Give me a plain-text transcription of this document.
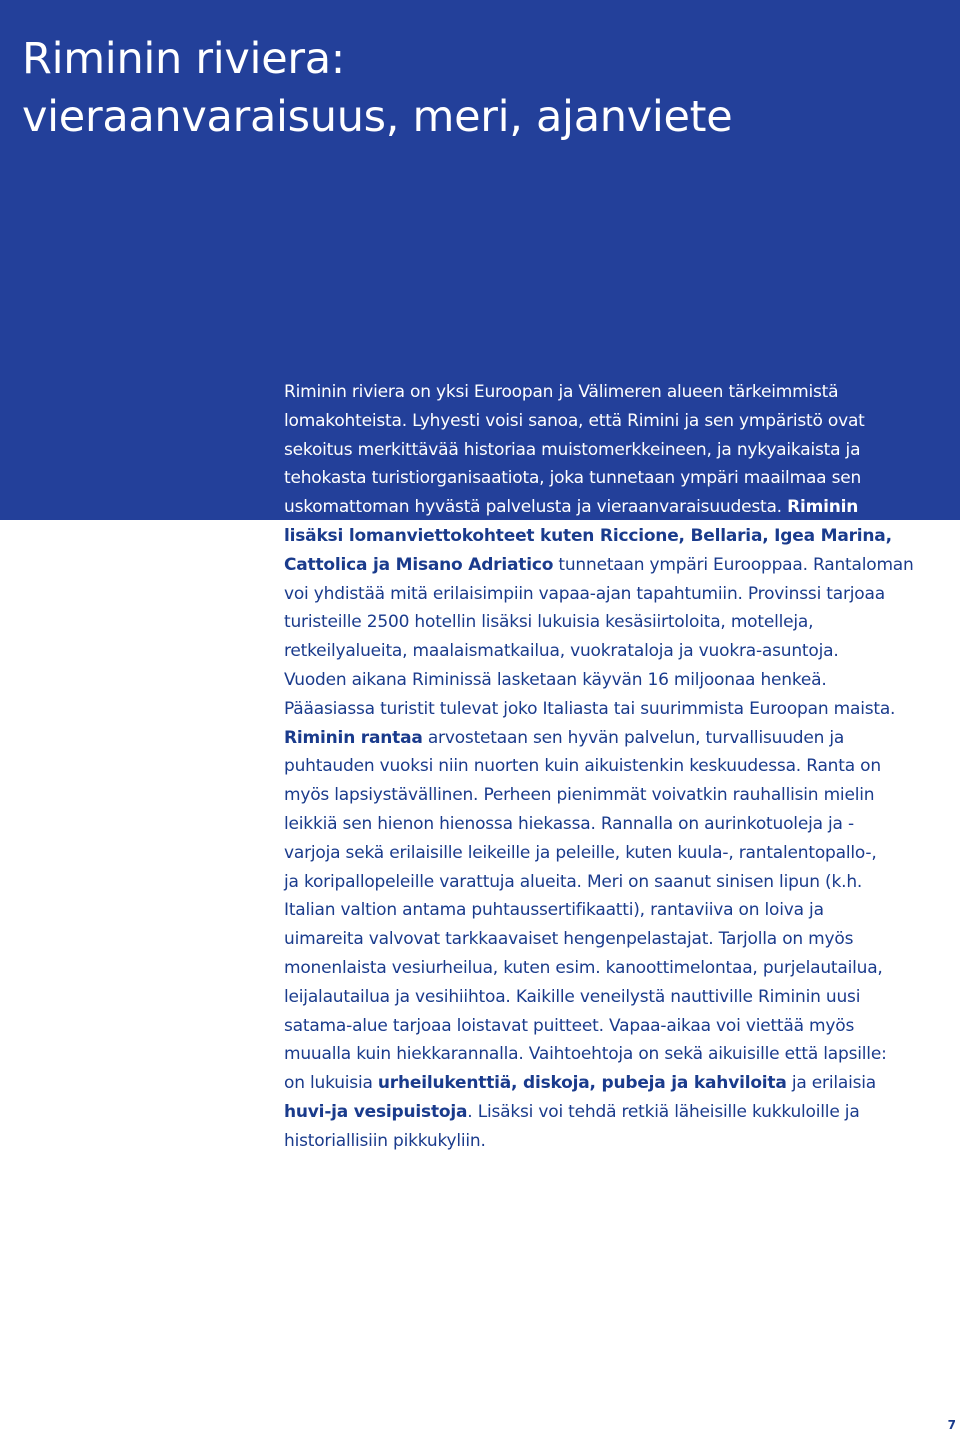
Riminin riviera:
vieraanvaraisuus, meri, ajanviete
Riminin riviera on yksi Euroopan ja Välimeren alueen tärkeimmistä
lomakohteista. Lyhyesti voisi sanoa, että Rimini ja sen ympäristö ovat
sekoitus merkittävää historiaa muistomerkkeineen, ja nykyaikaista ja
tehokasta turistiorganisaatiota, joka tunnetaan ympäri maailmaa sen
uskomattoman hyvästä palvelusta ja vieraanvaraisuudesta. Riminin
lisäksi lomanviettokohteet kuten Riccione, Bellaria, Igea Marina,
Cattolica ja Misano Adriatico tunnetaan ympäri Eurooppaa. Rantaloman
voi yhdistää mitä erilaisimpiin vapaa-ajan tapahtumiin. Provinssi tarjoaa
turisteille 2500 hotellin lisäksi lukuisia kesäsiirtoloita, motelleja,
retkeilyalueita, maalaismatkailua, vuokrataloja ja vuokra-asuntoja.
Vuoden aikana Riminissä lasketaan käyvän 16 miljoonaa henkeä.
Pääasiassa turistit tulevat joko Italiasta tai suurimmista Euroopan maista.
Riminin rantaa arvostetaan sen hyvän palvelun, turvallisuuden ja
puhtauden vuoksi niin nuorten kuin aikuistenkin keskuudessa. Ranta on
myös lapsiystävällinen. Perheen pienimmät voivatkin rauhallisin mielin
leikkiä sen hienon hienossa hiekassa. Rannalla on aurinkotuoleja ja -
varjoja sekä erilaisille leikeille ja peleille, kuten kuula-, rantalentopallo-,
ja koripallopeleille varattuja alueita. Meri on saanut sinisen lipun (k.h.
Italian valtion antama puhtaussertifikaatti), rantaviiva on loiva ja
uimareita valvovat tarkkaavaiset hengenpelastajat. Tarjolla on myös
monenlaista vesiurheilua, kuten esim. kanoottimelontaa, purjelautailua,
leijalautailua ja vesihiihtoa. Kaikille veneilystä nauttiville Riminin uusi
satama-alue tarjoaa loistavat puitteet. Vapaa-aikaa voi viettää myös
muualla kuin hiekkarannalla. Vaihtoehtoja on sekä aikuisille että lapsille:
on lukuisia urheilukenttiä, diskoja, pubeja ja kahviloita ja erilaisia
huvi-ja vesipuistoja. Lisäksi voi tehdä retkiä läheisille kukkuloille ja
historiallisiin pikkukyliin.
7
